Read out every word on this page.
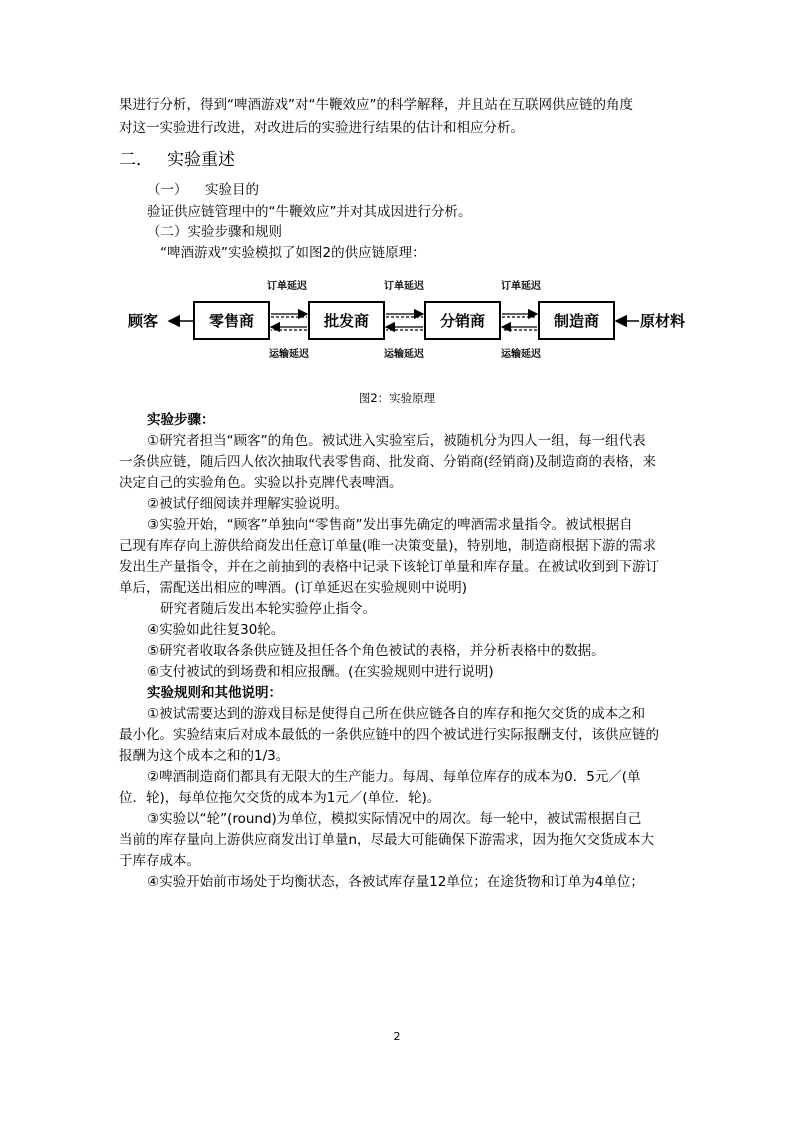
果进行分析，得到“啤酒游戏”对“牛鞭效应”的科学解释，并且站在互联网供应链的角度
对这一实验进行改进，对改进后的实验进行结果的估计和相应分析。
二． 实验重述
（一） 实验目的
验证供应链管理中的“牛鞭效应”并对其成因进行分析。
（二）实验步骤和规则
“啤酒游戏”实验模拟了如图2的供应链原理：
顾客	零售商	批发商	分销商	制造商	原材料
订单延迟	订单延迟	订单延迟
运输延迟	运输延迟	运输延迟
图2：实验原理
实验步骤：
①研究者担当“顾客”的角色。被试进入实验室后，被随机分为四人一组，每一组代表
一条供应链，随后四人依次抽取代表零售商、批发商、分销商(经销商)及制造商的表格，来
决定自己的实验角色。实验以扑克牌代表啤酒。
②被试仔细阅读并理解实验说明。
③实验开始，“顾客”单独向“零售商”发出事先确定的啤酒需求量指令。被试根据自
己现有库存向上游供给商发出任意订单量(唯一决策变量)，特别地，制造商根据下游的需求
发出生产量指令，并在之前抽到的表格中记录下该轮订单量和库存量。在被试收到到下游订
单后，需配送出相应的啤酒。(订单延迟在实验规则中说明)
研究者随后发出本轮实验停止指令。
④实验如此往复30轮。
⑤研究者收取各条供应链及担任各个角色被试的表格，并分析表格中的数据。
⑥支付被试的到场费和相应报酬。(在实验规则中进行说明)
实验规则和其他说明：
①被试需要达到的游戏目标是使得自己所在供应链各自的库存和拖欠交货的成本之和
最小化。实验结束后对成本最低的一条供应链中的四个被试进行实际报酬支付，该供应链的
报酬为这个成本之和的1/3。
②啤酒制造商们都具有无限大的生产能力。每周、每单位库存的成本为0．5元／(单
位．轮)，每单位拖欠交货的成本为1元／(单位．轮)。
③实验以“轮”(round)为单位，模拟实际情况中的周次。每一轮中，被试需根据自己
当前的库存量向上游供应商发出订单量n，尽最大可能确保下游需求，因为拖欠交货成本大
于库存成本。
④实验开始前市场处于均衡状态，各被试库存量12单位；在途货物和订单为4单位；
2
